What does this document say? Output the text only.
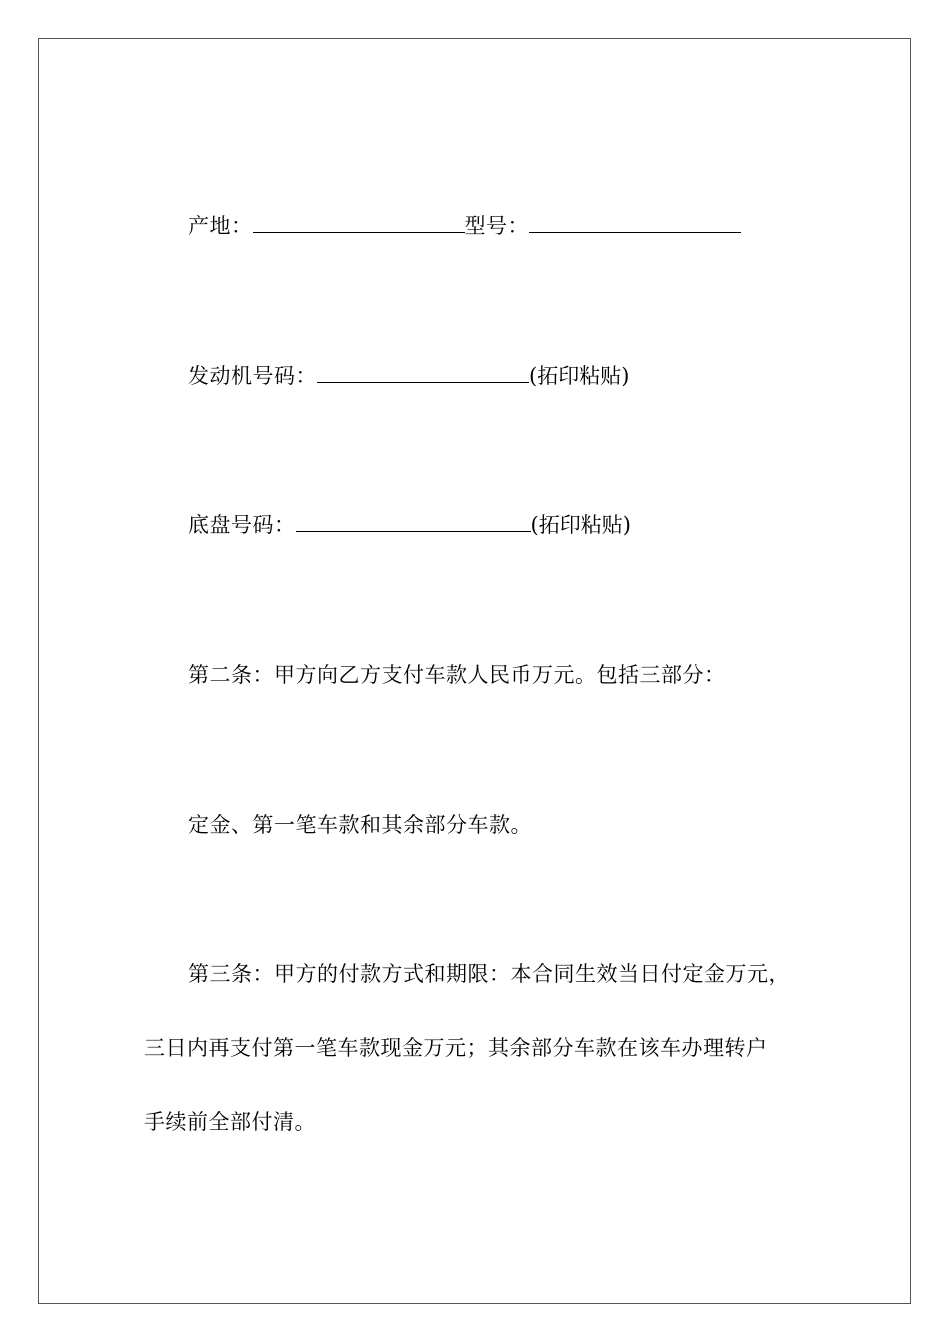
产地：	型号：
发动机号码：	(拓印粘贴)
底盘号码：	(拓印粘贴)
第二条：甲方向乙方支付车款人民币万元。包括三部分：
定金、第一笔车款和其余部分车款。
第三条：甲方的付款方式和期限：本合同生效当日付定金万元，
三日内再支付第一笔车款现金万元；其余部分车款在该车办理转户
手续前全部付清。
